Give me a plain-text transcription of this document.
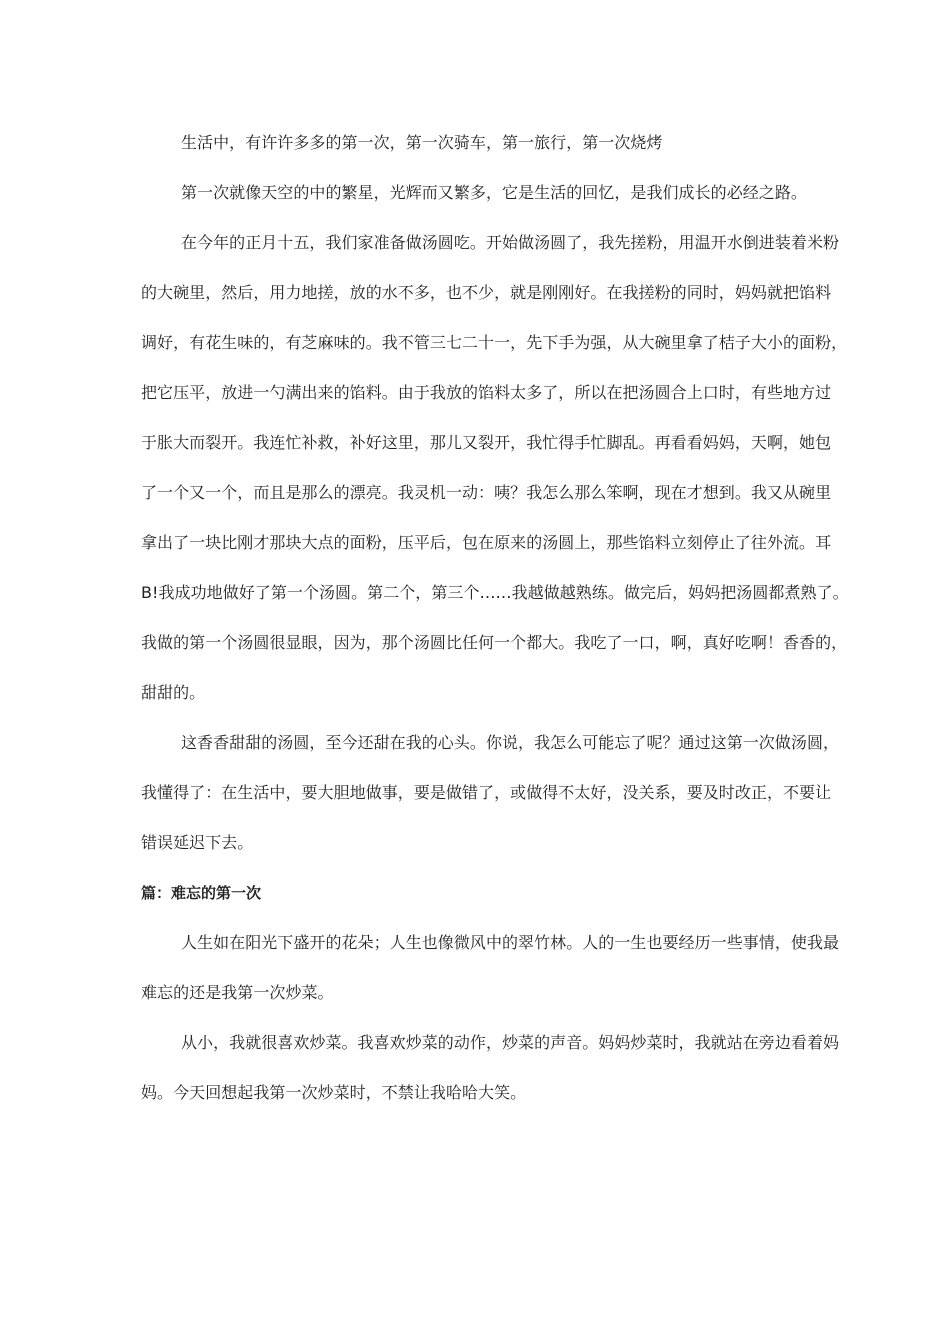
生活中，有许许多多的第一次，第一次骑车，第一旅行，第一次烧烤
第一次就像天空的中的繁星，光辉而又繁多，它是生活的回忆，是我们成长的必经之路。
在今年的正月十五，我们家准备做汤圆吃。开始做汤圆了，我先搓粉，用温开水倒进装着米粉
的大碗里，然后，用力地搓，放的水不多，也不少，就是刚刚好。在我搓粉的同时，妈妈就把馅料
调好，有花生味的，有芝麻味的。我不管三七二十一，先下手为强，从大碗里拿了桔子大小的面粉，
把它压平，放进一勺满出来的馅料。由于我放的馅料太多了，所以在把汤圆合上口时，有些地方过
于胀大而裂开。我连忙补救，补好这里，那儿又裂开，我忙得手忙脚乱。再看看妈妈，天啊，她包
了一个又一个，而且是那么的漂亮。我灵机一动：咦？我怎么那么笨啊，现在才想到。我又从碗里
拿出了一块比刚才那块大点的面粉，压平后，包在原来的汤圆上，那些馅料立刻停止了往外流。耳
B!我成功地做好了第一个汤圆。第二个，第三个……我越做越熟练。做完后，妈妈把汤圆都煮熟了。
我做的第一个汤圆很显眼，因为，那个汤圆比任何一个都大。我吃了一口，啊，真好吃啊！香香的，
甜甜的。
这香香甜甜的汤圆，至今还甜在我的心头。你说，我怎么可能忘了呢？通过这第一次做汤圆，
我懂得了：在生活中，要大胆地做事，要是做错了，或做得不太好，没关系，要及时改正，不要让
错误延迟下去。
篇：难忘的第一次
人生如在阳光下盛开的花朵；人生也像微风中的翠竹林。人的一生也要经历一些事情，使我最
难忘的还是我第一次炒菜。
从小，我就很喜欢炒菜。我喜欢炒菜的动作，炒菜的声音。妈妈炒菜时，我就站在旁边看着妈
妈。今天回想起我第一次炒菜时，不禁让我哈哈大笑。
